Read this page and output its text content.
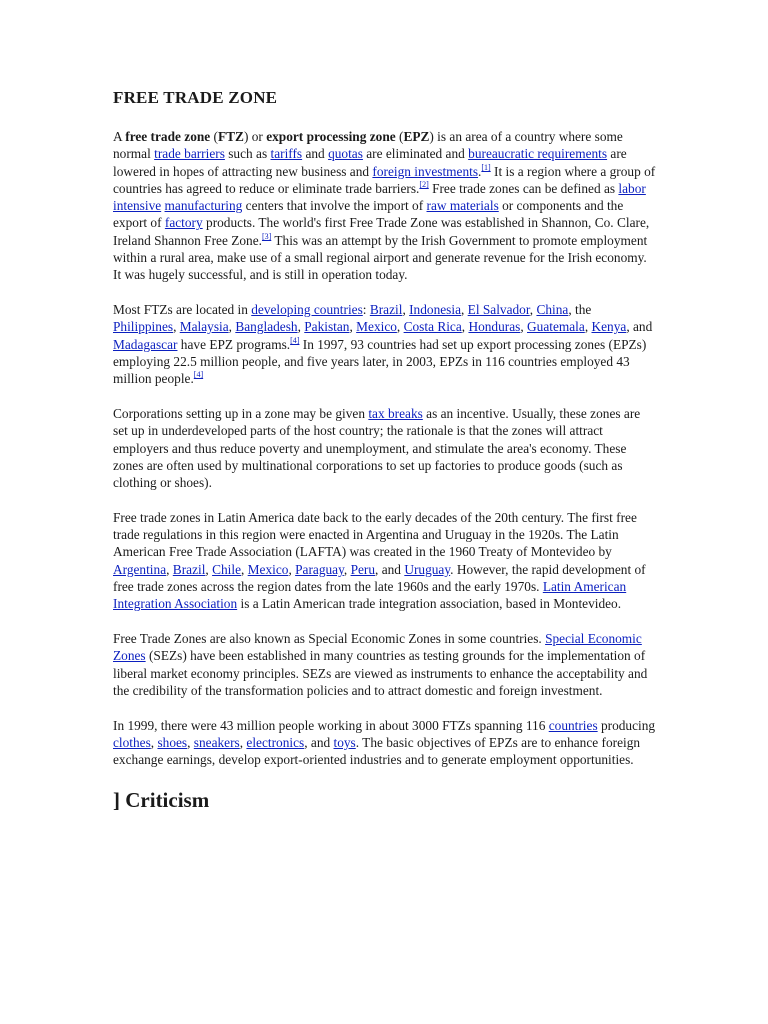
FREE TRADE ZONE

A free trade zone (FTZ) or export processing zone (EPZ) is an area of a country where some normal trade barriers such as tariffs and quotas are eliminated and bureaucratic requirements are lowered in hopes of attracting new business and foreign investments.[1] It is a region where a group of countries has agreed to reduce or eliminate trade barriers.[2] Free trade zones can be defined as labor intensive manufacturing centers that involve the import of raw materials or components and the export of factory products. The world's first Free Trade Zone was established in Shannon, Co. Clare, Ireland Shannon Free Zone.[3] This was an attempt by the Irish Government to promote employment within a rural area, make use of a small regional airport and generate revenue for the Irish economy. It was hugely successful, and is still in operation today.

Most FTZs are located in developing countries: Brazil, Indonesia, El Salvador, China, the Philippines, Malaysia, Bangladesh, Pakistan, Mexico, Costa Rica, Honduras, Guatemala, Kenya, and Madagascar have EPZ programs.[4] In 1997, 93 countries had set up export processing zones (EPZs) employing 22.5 million people, and five years later, in 2003, EPZs in 116 countries employed 43 million people.[4]

Corporations setting up in a zone may be given tax breaks as an incentive. Usually, these zones are set up in underdeveloped parts of the host country; the rationale is that the zones will attract employers and thus reduce poverty and unemployment, and stimulate the area's economy. These zones are often used by multinational corporations to set up factories to produce goods (such as clothing or shoes).

Free trade zones in Latin America date back to the early decades of the 20th century. The first free trade regulations in this region were enacted in Argentina and Uruguay in the 1920s. The Latin American Free Trade Association (LAFTA) was created in the 1960 Treaty of Montevideo by Argentina, Brazil, Chile, Mexico, Paraguay, Peru, and Uruguay. However, the rapid development of free trade zones across the region dates from the late 1960s and the early 1970s. Latin American Integration Association is a Latin American trade integration association, based in Montevideo.

Free Trade Zones are also known as Special Economic Zones in some countries. Special Economic Zones (SEZs) have been established in many countries as testing grounds for the implementation of liberal market economy principles. SEZs are viewed as instruments to enhance the acceptability and the credibility of the transformation policies and to attract domestic and foreign investment.

In 1999, there were 43 million people working in about 3000 FTZs spanning 116 countries producing clothes, shoes, sneakers, electronics, and toys. The basic objectives of EPZs are to enhance foreign exchange earnings, develop export-oriented industries and to generate employment opportunities.

] Criticism
